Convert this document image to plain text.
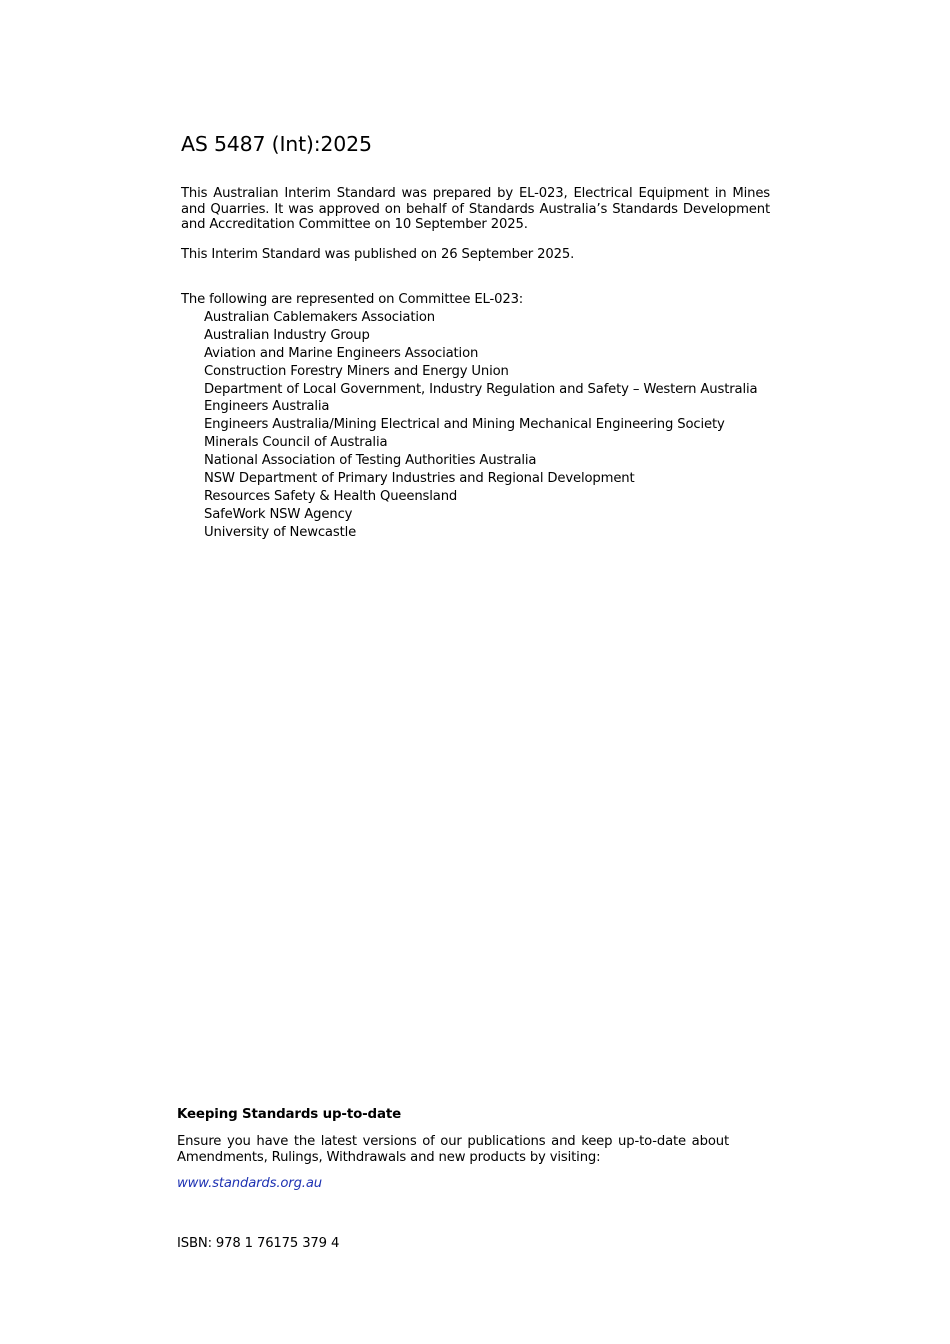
AS 5487 (Int):2025

This Australian Interim Standard was prepared by EL-023, Electrical Equipment in Mines and Quarries. It was approved on behalf of Standards Australia’s Standards Development and Accreditation Committee on 10 September 2025.

This Interim Standard was published on 26 September 2025.

The following are represented on Committee EL-023:

Australian Cablemakers Association
Australian Industry Group
Aviation and Marine Engineers Association
Construction Forestry Miners and Energy Union
Department of Local Government, Industry Regulation and Safety – Western Australia
Engineers Australia
Engineers Australia/Mining Electrical and Mining Mechanical Engineering Society
Minerals Council of Australia
National Association of Testing Authorities Australia
NSW Department of Primary Industries and Regional Development
Resources Safety & Health Queensland
SafeWork NSW Agency
University of Newcastle
Keeping Standards up-to-date

Ensure you have the latest versions of our publications and keep up-to-date about Amendments, Rulings, Withdrawals and new products by visiting:

www.standards.org.au

ISBN: 978 1 76175 379 4
